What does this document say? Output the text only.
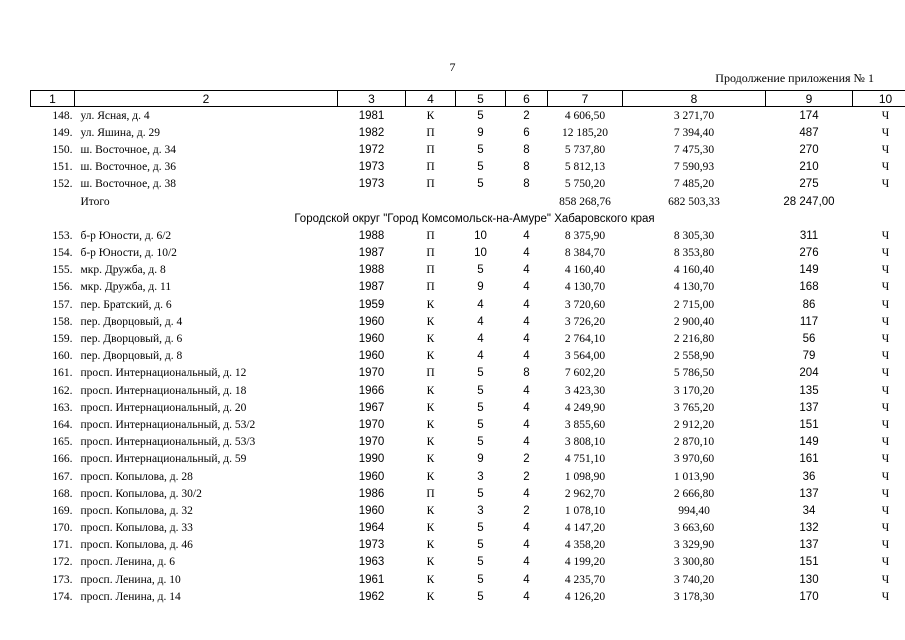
7
Продолжение приложения № 1
1	2	3	4	5	6	7	8	9	10
148.	ул. Ясная, д. 4	1981	К	5	2	4 606,50	3 271,70	174	Ч
149.	ул. Яшина, д. 29	1982	П	9	6	12 185,20	7 394,40	487	Ч
150.	ш. Восточное, д. 34	1972	П	5	8	5 737,80	7 475,30	270	Ч
151.	ш. Восточное, д. 36	1973	П	5	8	5 812,13	7 590,93	210	Ч
152.	ш. Восточное, д. 38	1973	П	5	8	5 750,20	7 485,20	275	Ч
	Итого					858 268,76	682 503,33	28 247,00	
Городской округ "Город Комсомольск-на-Амуре" Хабаровского края									
153.	б-р Юности, д. 6/2	1988	П	10	4	8 375,90	8 305,30	311	Ч
154.	б-р Юности, д. 10/2	1987	П	10	4	8 384,70	8 353,80	276	Ч
155.	мкр. Дружба, д. 8	1988	П	5	4	4 160,40	4 160,40	149	Ч
156.	мкр. Дружба, д. 11	1987	П	9	4	4 130,70	4 130,70	168	Ч
157.	пер. Братский, д. 6	1959	К	4	4	3 720,60	2 715,00	86	Ч
158.	пер. Дворцовый, д. 4	1960	К	4	4	3 726,20	2 900,40	117	Ч
159.	пер. Дворцовый, д. 6	1960	К	4	4	2 764,10	2 216,80	56	Ч
160.	пер. Дворцовый, д. 8	1960	К	4	4	3 564,00	2 558,90	79	Ч
161.	просп. Интернациональный, д. 12	1970	П	5	8	7 602,20	5 786,50	204	Ч
162.	просп. Интернациональный, д. 18	1966	К	5	4	3 423,30	3 170,20	135	Ч
163.	просп. Интернациональный, д. 20	1967	К	5	4	4 249,90	3 765,20	137	Ч
164.	просп. Интернациональный, д. 53/2	1970	К	5	4	3 855,60	2 912,20	151	Ч
165.	просп. Интернациональный, д. 53/3	1970	К	5	4	3 808,10	2 870,10	149	Ч
166.	просп. Интернациональный, д. 59	1990	К	9	2	4 751,10	3 970,60	161	Ч
167.	просп. Копылова, д. 28	1960	К	3	2	1 098,90	1 013,90	36	Ч
168.	просп. Копылова, д. 30/2	1986	П	5	4	2 962,70	2 666,80	137	Ч
169.	просп. Копылова, д. 32	1960	К	3	2	1 078,10	994,40	34	Ч
170.	просп. Копылова, д. 33	1964	К	5	4	4 147,20	3 663,60	132	Ч
171.	просп. Копылова, д. 46	1973	К	5	4	4 358,20	3 329,90	137	Ч
172.	просп. Ленина, д. 6	1963	К	5	4	4 199,20	3 300,80	151	Ч
173.	просп. Ленина, д. 10	1961	К	5	4	4 235,70	3 740,20	130	Ч
174.	просп. Ленина, д. 14	1962	К	5	4	4 126,20	3 178,30	170	Ч
